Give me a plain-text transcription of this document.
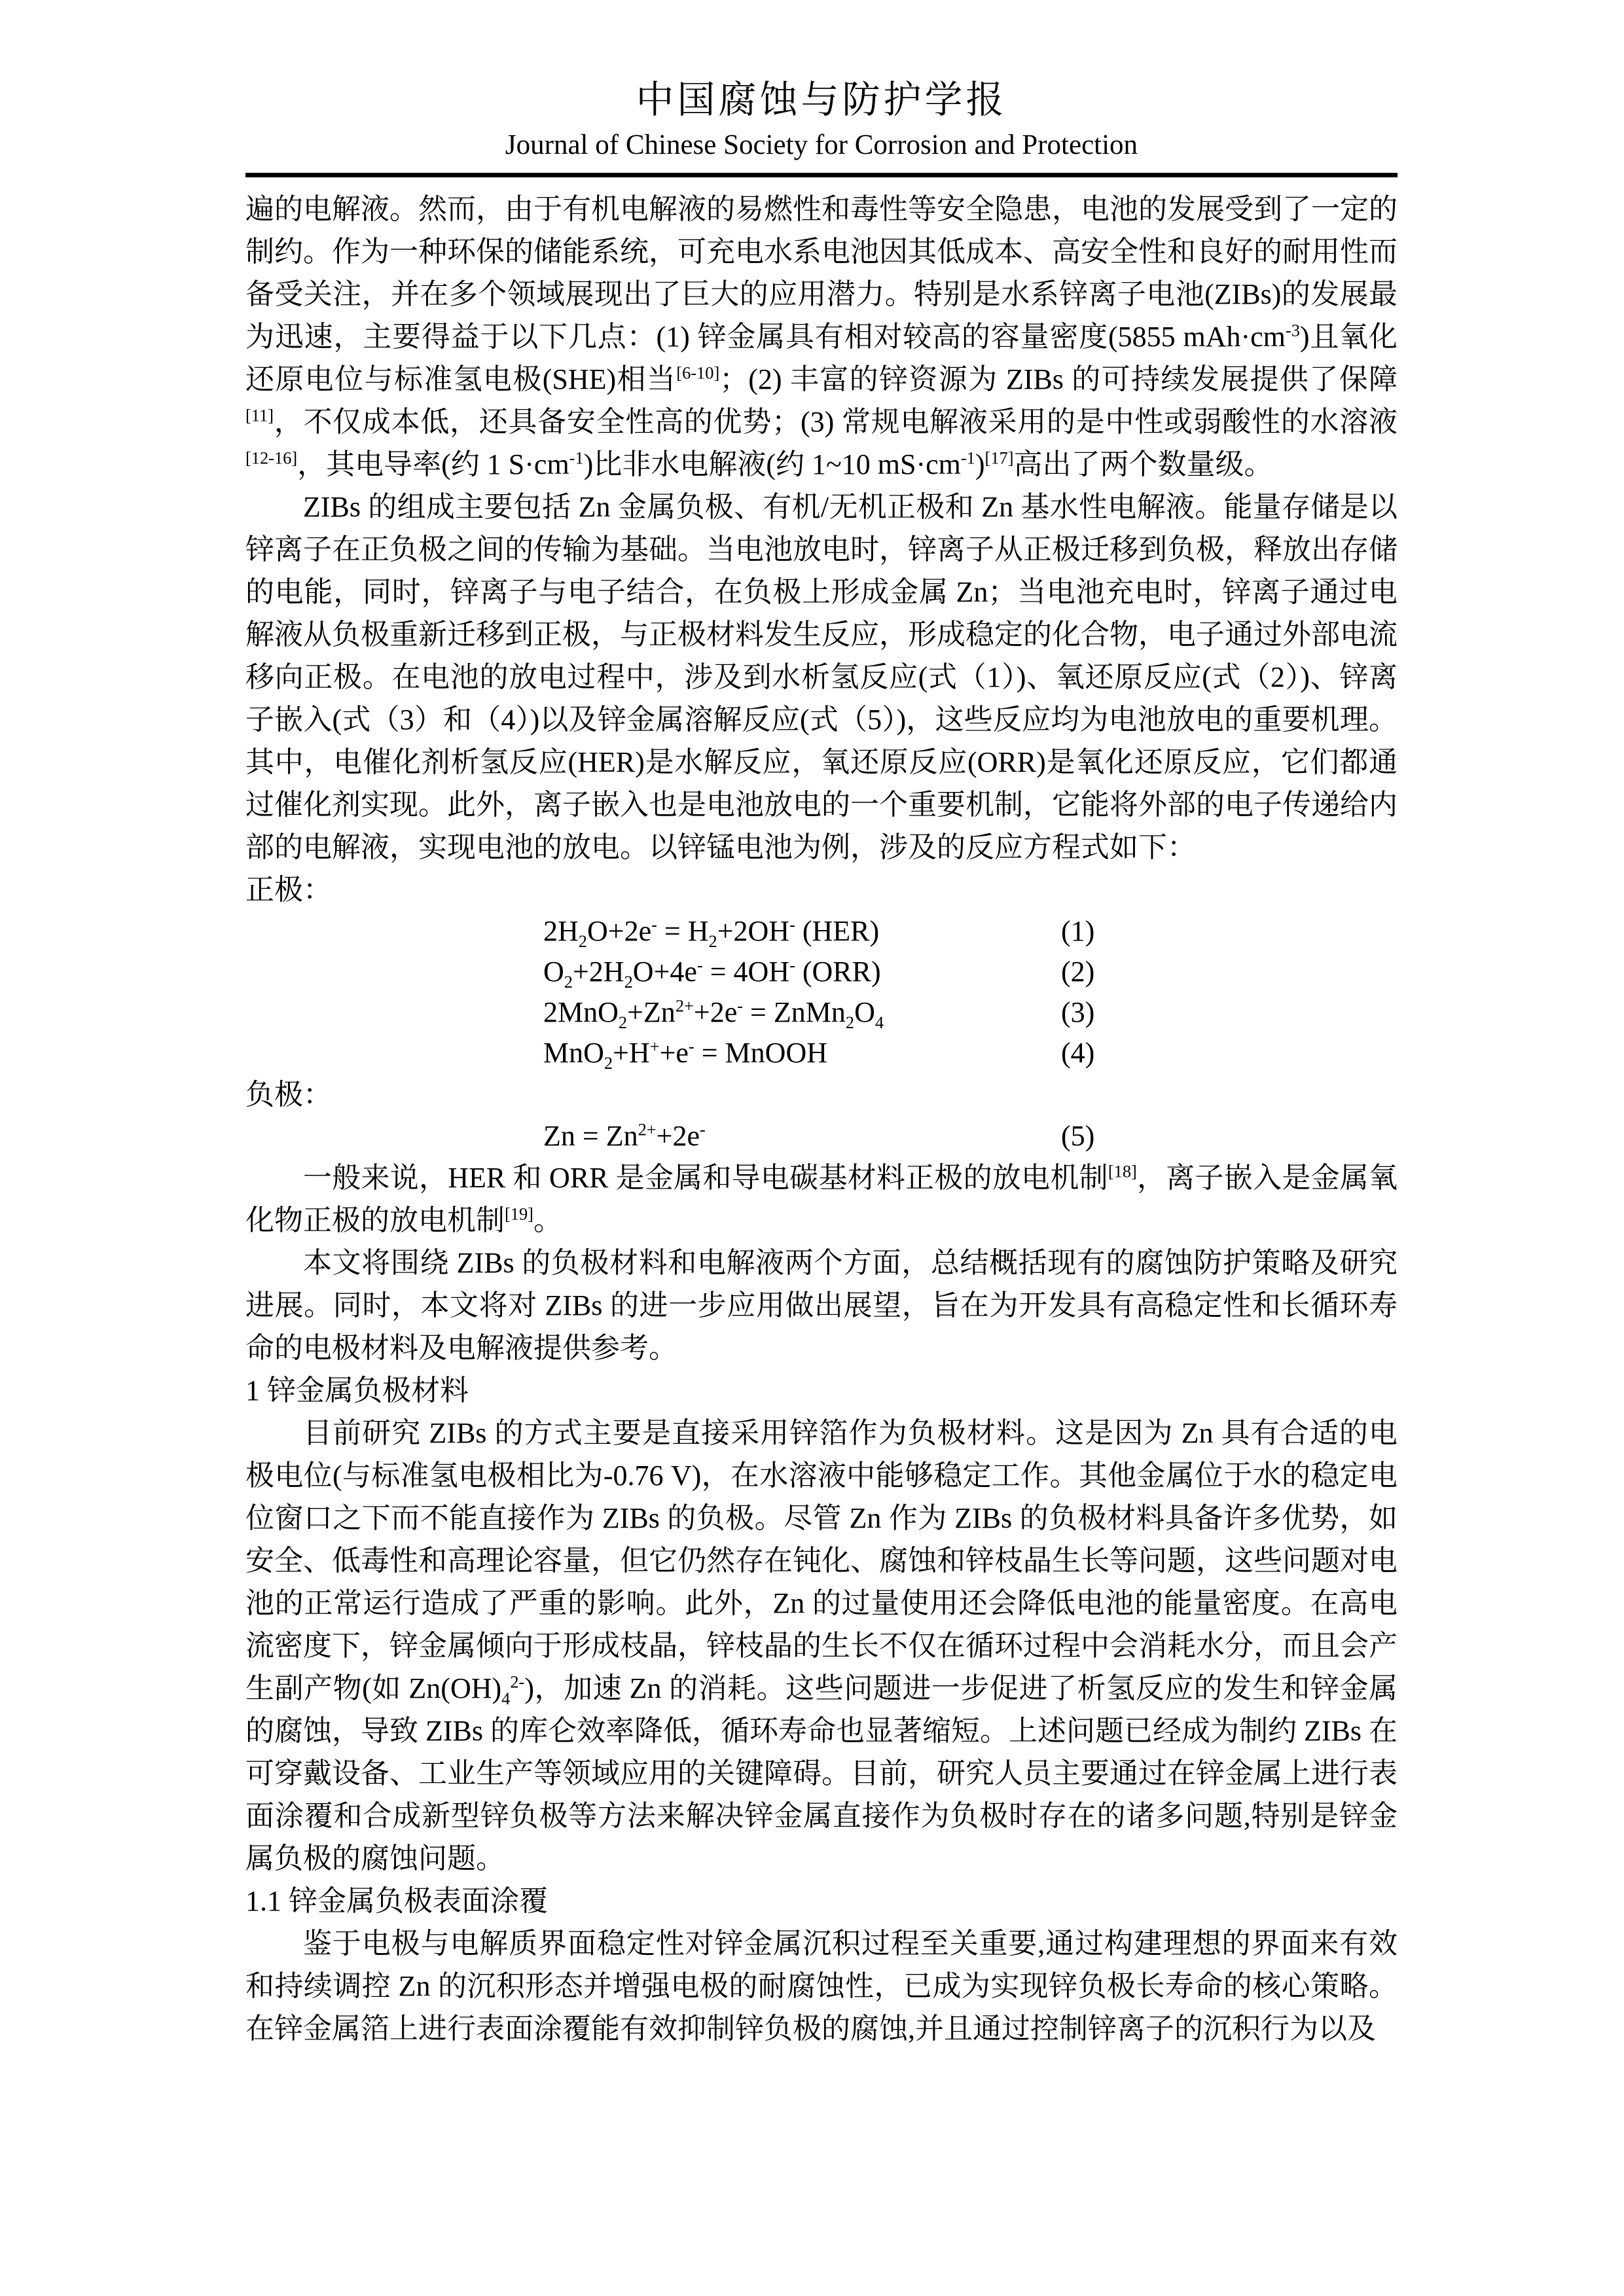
中国腐蚀与防护学报
Journal of Chinese Society for Corrosion and Protection

遍的电解液。然而，由于有机电解液的易燃性和毒性等安全隐患，电池的发展受到了一定的制约。作为一种环保的储能系统，可充电水系电池因其低成本、高安全性和良好的耐用性而备受关注，并在多个领域展现出了巨大的应用潜力。特别是水系锌离子电池(ZIBs)的发展最为迅速，主要得益于以下几点：(1) 锌金属具有相对较高的容量密度(5855 $mAh\cdot cm^{-3}$)且氧化还原电位与标准氢电极(SHE)相当[6-10]；(2) 丰富的锌资源为 ZIBs 的可持续发展提供了保障[11]，不仅成本低，还具备安全性高的优势；(3) 常规电解液采用的是中性或弱酸性的水溶液[12-16]，其电导率(约 1 $S\cdot cm^{-1}$)比非水电解液(约 1~10 $mS\cdot cm^{-1})[17]$高出了两个数量级。

ZIBs 的组成主要包括 Zn 金属负极、有机/无机正极和 Zn 基水性电解液。能量存储是以锌离子在正负极之间的传输为基础。当电池放电时，锌离子从正极迁移到负极，释放出存储的电能，同时，锌离子与电子结合，在负极上形成金属 Zn；当电池充电时，锌离子通过电解液从负极重新迁移到正极，与正极材料发生反应，形成稳定的化合物，电子通过外部电流移向正极。在电池的放电过程中，涉及到水析氢反应(式（1）)、氧还原反应(式（2）)、锌离子嵌入(式（3）和（4）)以及锌金属溶解反应(式（5）)，这些反应均为电池放电的重要机理。其中，电催化剂析氢反应(HER)是水解反应，氧还原反应(ORR)是氧化还原反应，它们都通过催化剂实现。此外，离子嵌入也是电池放电的一个重要机制，它能将外部的电子传递给内部的电解液，实现电池的放电。以锌锰电池为例，涉及的反应方程式如下：

正极：

$2H_2O+2e^- = H_2+2OH^-$ (HER)	(1)
$O_2+2H_2O+4e^- = 4OH^-$ (ORR)	(2)
$2MnO_2+Zn^{2+}+2e^-$ = $ZnMn_2O_4$	(3)
MnO$_2$+H++e- = MnOOH	(4)

负极：

$Zn = Zn^{2+}+2e^-$	(5)

一般来说，HER 和 ORR 是金属和导电碳基材料正极的放电机制[18]，离子嵌入是金属氧化物正极的放电机制[19]。

本文将围绕 ZIBs 的负极材料和电解液两个方面，总结概括现有的腐蚀防护策略及研究进展。同时，本文将对 ZIBs 的进一步应用做出展望，旨在为开发具有高稳定性和长循环寿命的电极材料及电解液提供参考。

1 锌金属负极材料

目前研究 ZIBs 的方式主要是直接采用锌箔作为负极材料。这是因为 Zn 具有合适的电极电位(与标准氢电极相比为-0.76 V)，在水溶液中能够稳定工作。其他金属位于水的稳定电位窗口之下而不能直接作为 ZIBs 的负极。尽管 Zn 作为 ZIBs 的负极材料具备许多优势，如安全、低毒性和高理论容量，但它仍然存在钝化、腐蚀和锌枝晶生长等问题，这些问题对电池的正常运行造成了严重的影响。此外，Zn 的过量使用还会降低电池的能量密度。在高电流密度下，锌金属倾向于形成枝晶，锌枝晶的生长不仅在循环过程中会消耗水分，而且会产生副产物(如 $Zn(OH)_4^{2-}$)，加速 Zn 的消耗。这些问题进一步促进了析氢反应的发生和锌金属的腐蚀，导致 ZIBs 的库仑效率降低，循环寿命也显著缩短。上述问题已经成为制约 ZIBs 在可穿戴设备、工业生产等领域应用的关键障碍。目前，研究人员主要通过在锌金属上进行表面涂覆和合成新型锌负极等方法来解决锌金属直接作为负极时存在的诸多问题,特别是锌金属负极的腐蚀问题。

1.1 锌金属负极表面涂覆

鉴于电极与电解质界面稳定性对锌金属沉积过程至关重要,通过构建理想的界面来有效和持续调控 Zn 的沉积形态并增强电极的耐腐蚀性，已成为实现锌负极长寿命的核心策略。在锌金属箔上进行表面涂覆能有效抑制锌负极的腐蚀,并且通过控制锌离子的沉积行为以及
